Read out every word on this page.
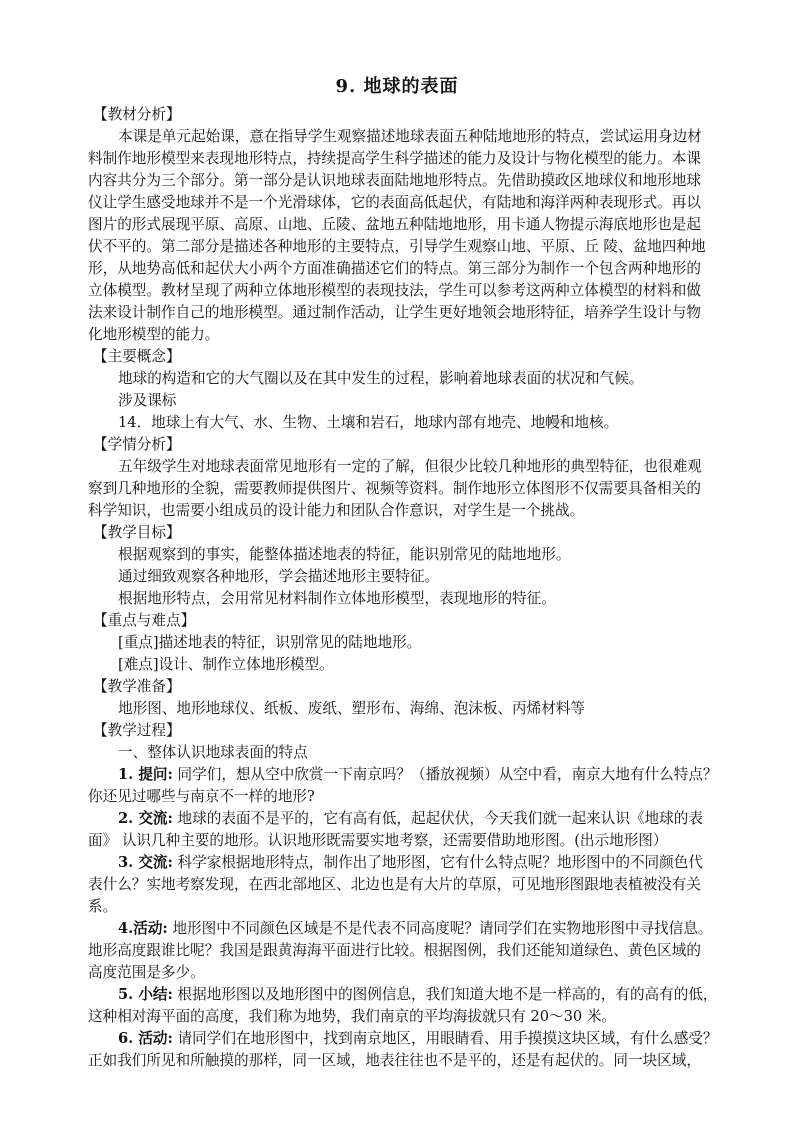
9. 地球的表面
【教材分析】
本课是单元起始课，意在指导学生观察描述地球表面五种陆地地形的特点，尝试运用身边材
料制作地形模型来表现地形特点，持续提高学生科学描述的能力及设计与物化模型的能力。本课
内容共分为三个部分。第一部分是认识地球表面陆地地形特点。先借助摸政区地球仪和地形地球
仪让学生感受地球并不是一个光滑球体，它的表面高低起伏，有陆地和海洋两种表现形式。再以
图片的形式展现平原、高原、山地、丘陵、盆地五种陆地地形，用卡通人物提示海底地形也是起
伏不平的。第二部分是描述各种地形的主要特点，引导学生观察山地、平原、丘 陵、盆地四种地
形，从地势高低和起伏大小两个方面准确描述它们的特点。第三部分为制作一个包含两种地形的
立体模型。教材呈现了两种立体地形模型的表现技法，学生可以参考这两种立体模型的材料和做
法来设计制作自己的地形模型。通过制作活动，让学生更好地领会地形特征，培养学生设计与物
化地形模型的能力。
【主要概念】
地球的构造和它的大气圈以及在其中发生的过程，影响着地球表面的状况和气候。
涉及课标
14．地球上有大气、水、生物、土壤和岩石，地球内部有地壳、地幔和地核。
【学情分析】
五年级学生对地球表面常见地形有一定的了解，但很少比较几种地形的典型特征，也很难观
察到几种地形的全貌，需要教师提供图片、视频等资料。制作地形立体图形不仅需要具备相关的
科学知识，也需要小组成员的设计能力和团队合作意识，对学生是一个挑战。
【教学目标】
根据观察到的事实，能整体描述地表的特征，能识别常见的陆地地形。
通过细致观察各种地形，学会描述地形主要特征。
根据地形特点，会用常见材料制作立体地形模型，表现地形的特征。
【重点与难点】
[重点]描述地表的特征，识别常见的陆地地形。
[难点]设计、制作立体地形模型。
【教学准备】
地形图、地形地球仪、纸板、废纸、塑形布、海绵、泡沫板、丙烯材料等
【教学过程】
一、整体认识地球表面的特点
1. 提问: 同学们，想从空中欣赏一下南京吗？（播放视频）从空中看，南京大地有什么特点？
你还见过哪些与南京不一样的地形?
2. 交流: 地球的表面不是平的，它有高有低，起起伏伏，今天我们就一起来认识《地球的表
面》 认识几种主要的地形。认识地形既需要实地考察，还需要借助地形图。(出示地形图）
3. 交流: 科学家根据地形特点，制作出了地形图，它有什么特点呢？地形图中的不同颜色代
表什么？实地考察发现，在西北部地区、北边也是有大片的草原，可见地形图跟地表植被没有关
系。
4.活动: 地形图中不同颜色区域是不是代表不同高度呢？请同学们在实物地形图中寻找信息。
地形高度跟谁比呢？我国是跟黄海海平面进行比较。根据图例，我们还能知道绿色、黄色区域的
高度范围是多少。
5. 小结: 根据地形图以及地形图中的图例信息，我们知道大地不是一样高的，有的高有的低，
这种相对海平面的高度，我们称为地势，我们南京的平均海拔就只有 20～30 米。
6. 活动: 请同学们在地形图中，找到南京地区，用眼睛看、用手摸摸这块区域，有什么感受？
正如我们所见和所触摸的那样，同一区域，地表往往也不是平的，还是有起伏的。同一块区域，
